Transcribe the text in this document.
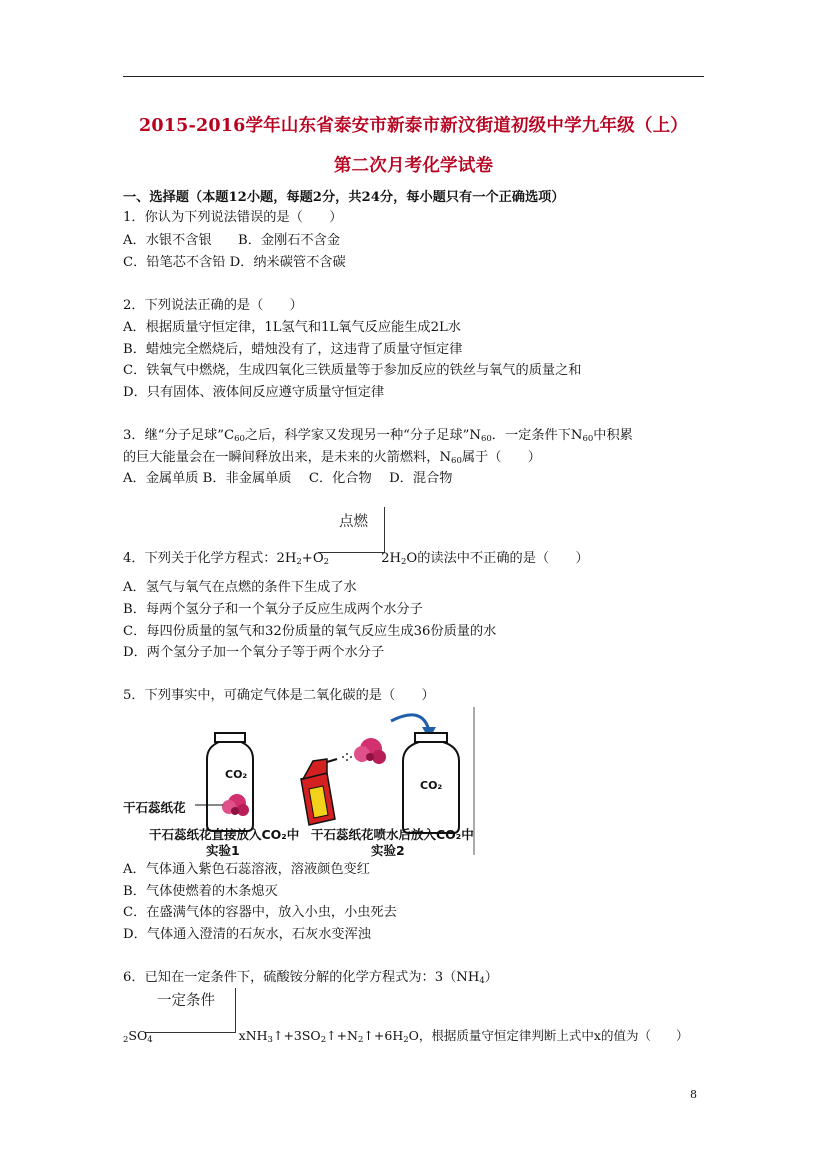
2015-2016学年山东省泰安市新泰市新汶街道初级中学九年级（上）
第二次月考化学试卷
一、选择题（本题12小题，每题2分，共24分，每小题只有一个正确选项）
1．你认为下列说法错误的是（　　）
A．水银不含银　　B．金刚石不含金
C．铅笔芯不含铅 D．纳米碳管不含碳
2．下列说法正确的是（　　）
A．根据质量守恒定律，1L氢气和1L氧气反应能生成2L水
B．蜡烛完全燃烧后，蜡烛没有了，这违背了质量守恒定律
C．铁氧气中燃烧，生成四氧化三铁质量等于参加反应的铁丝与氧气的质量之和
D．只有固体、液体间反应遵守质量守恒定律
3．继“分子足球$”C_{60}$之后，科学家又发现另一种“分子足球$”N_{60}$．一定条件下$N_{60}$中积累
的巨大能量会在一瞬间释放出来，是未来的火箭燃料，$N_{60}$属于（　　）
A．金属单质 B．非金属单质　 C．化合物　 D．混合物
点燃
4．下列关于化学方程式：$2H_2+O_2$	$2H_2O$的读法中不正确的是（　　）
A．氢气与氧气在点燃的条件下生成了水
B．每两个氢分子和一个氧分子反应生成两个水分子
C．每四份质量的氢气和32份质量的氧气反应生成36份质量的水
D．两个氢分子加一个氧分子等于两个水分子
5．下列事实中，可确定气体是二氧化碳的是（　　）
CO₂
CO₂
干石蕊纸花
干石蕊纸花直接放入CO₂中
实验1
干石蕊纸花喷水后放入CO₂中
实验2
A．气体通入紫色石蕊溶液，溶液颜色变红
B．气体使燃着的木条熄灭
C．在盛满气体的容器中，放入小虫，小虫死去
D．气体通入澄清的石灰水，石灰水变浑浊
6．已知在一定条件下，硫酸铵分解的化学方程式为：$3(NH_4)$
一定条件
$_2SO_4$	$xNH_3↑+3SO_2↑+N_2↑+6H_2O$，根据质量守恒定律判断上式中x的值为（　　）
8
